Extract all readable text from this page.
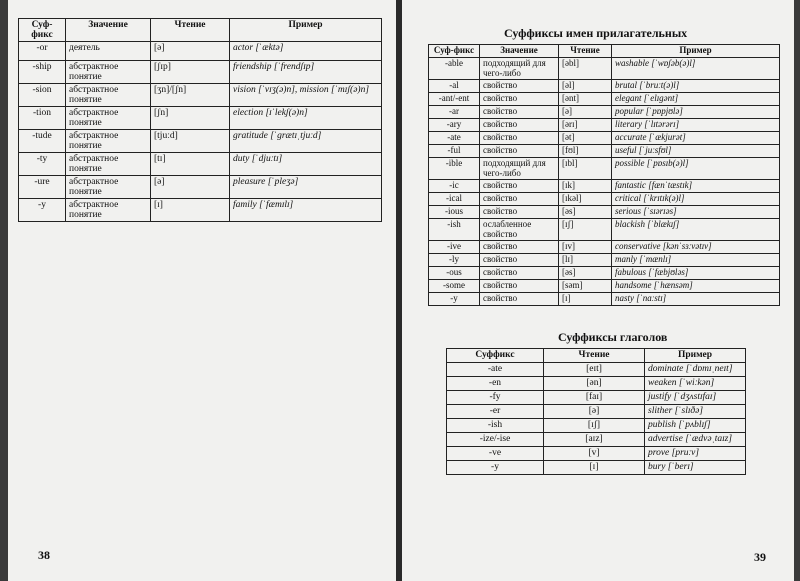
Суф-фикс	Значение	Чтение	Пример
-or	деятель	[ə]	actor [ˈæktə]
-ship	абстрактное понятие	[ʃɪp]	friendship [ˈfrendʃɪp]
-sion	абстрактное понятие	[ʒn]/[ʃn]	vision [ˈvɪʒ(ə)n], mission [ˈmɪʃ(ə)n]
-tion	абстрактное понятие	[ʃn]	election [ɪˈlekʃ(ə)n]
-tude	абстрактное понятие	[tjuːd]	gratitude [ˈgrætɪˌtjuːd]
-ty	абстрактное понятие	[tɪ]	duty [ˈdjuːtɪ]
-ure	абстрактное понятие	[ə]	pleasure [ˈpleʒə]
-y	абстрактное понятие	[ɪ]	family [ˈfæmɪlɪ]
38
Суффиксы имен прилагательных
Суф-фикс	Значение	Чтение	Пример
-able	подходящий для чего-либо	[əbl]	washable [ˈwɒʃəb(ə)l]
-al	свойство	[əl]	brutal [ˈbruːt(ə)l]
-ant/-ent	свойство	[ənt]	elegant [ˈelɪgənt]
-ar	свойство	[ə]	popular [ˈpɒpjʊlə]
-ary	свойство	[ərɪ]	literary [ˈlɪtərərɪ]
-ate	свойство	[ət]	accurate [ˈækjurət]
-ful	свойство	[fʊl]	useful [ˈjuːsfʊl]
-ible	подходящий для чего-либо	[ɪbl]	possible [ˈpɒsɪb(ə)l]
-ic	свойство	[ɪk]	fantastic [fænˈtæstɪk]
-ical	свойство	[ɪkəl]	critical [ˈkrɪtɪk(ə)l]
-ious	свойство	[əs]	serious [ˈsɪərɪəs]
-ish	ослабленное свойство	[ɪʃ]	blackish [ˈblækɪʃ]
-ive	свойство	[ɪv]	conservative [kənˈsɜːvətɪv]
-ly	свойство	[lɪ]	manly [ˈmænlɪ]
-ous	свойство	[əs]	fabulous [ˈfæbjʊləs]
-some	свойство	[səm]	handsome [ˈhænsəm]
-y	свойство	[ɪ]	nasty [ˈnɑːstɪ]
Суффиксы глаголов
Суффикс	Чтение	Пример
-ate	[eɪt]	dominate [ˈdɒmɪˌneɪt]
-en	[ən]	weaken [ˈwiːkən]
-fy	[faɪ]	justify [ˈdʒʌstɪfaɪ]
-er	[ə]	slither [ˈslɪðə]
-ish	[ɪʃ]	publish [ˈpʌblɪʃ]
-ize/-ise	[aɪz]	advertise [ˈædvəˌtaɪz]
-ve	[v]	prove [pruːv]
-y	[ɪ]	bury [ˈberɪ]
39
